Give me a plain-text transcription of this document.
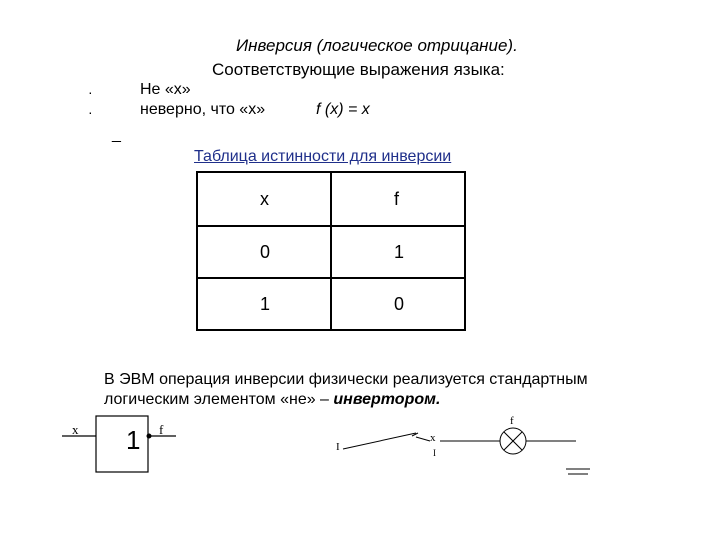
Инверсия (логическое отрицание).
Соответствующие выражения языка:
·
·
Не «х»
неверно, что «х»	f (x) = x
_
Таблица истинности для инверсии
x	f
0	1
1	0
В ЭВМ операция инверсии физически реализуется стандартным логическим элементом «не» – инвертором.
x 1 f
I
x
I
f
